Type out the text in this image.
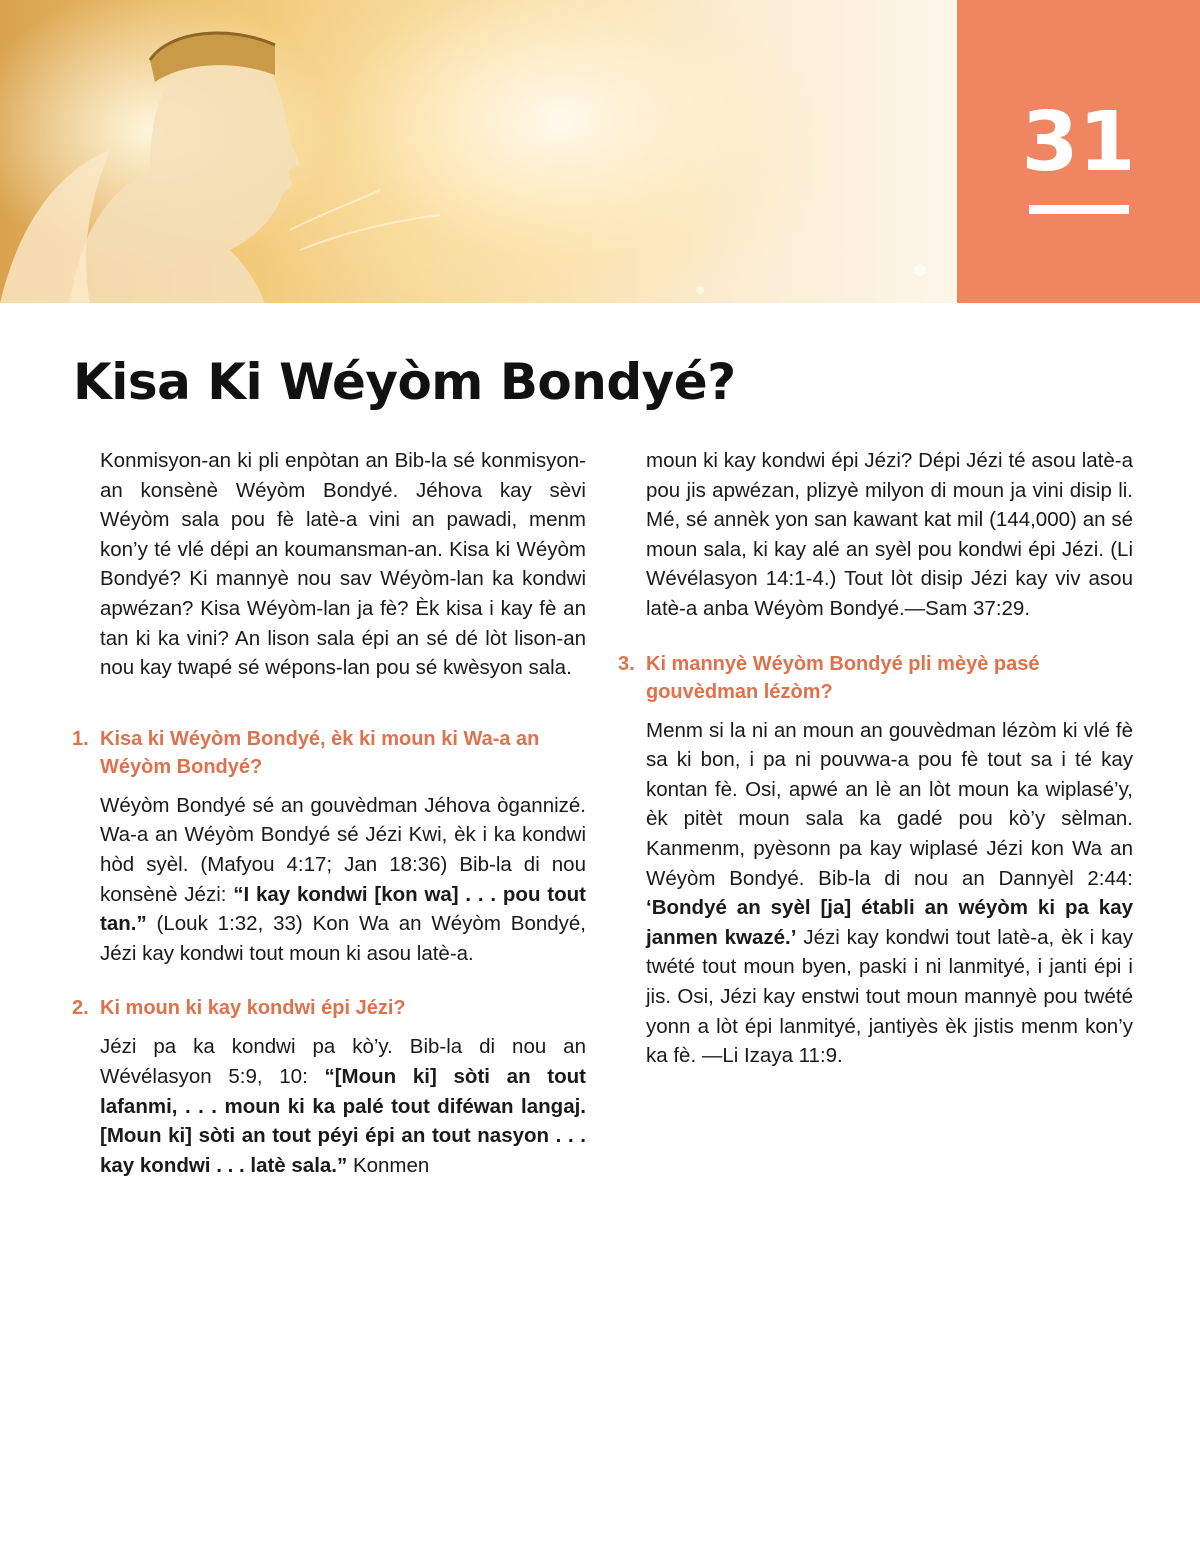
31
Kisa Ki Wéyòm Bondyé?

Konmisyon-an ki pli enpòtan an Bib-la sé konmisyon-an konsènè Wéyòm Bondyé. Jéhova kay sèvi Wéyòm sala pou fè latè-a vini an pawadi, menm kon’y té vlé dépi an koumansman-an. Kisa ki Wéyòm Bondyé? Ki mannyè nou sav Wéyòm-lan ka kondwi apwézan? Kisa Wéyòm-lan ja fè? Èk kisa i kay fè an tan ki ka vini? An lison sala épi an sé dé lòt lison-an nou kay twapé sé wépons-lan pou sé kwèsyon sala.

1. Kisa ki Wéyòm Bondyé, èk ki moun ki Wa-a an Wéyòm Bondyé?

Wéyòm Bondyé sé an gouvèdman Jéhova ògannizé. Wa-a an Wéyòm Bondyé sé Jézi Kwi, èk i ka kondwi hòd syèl. (Mafyou 4:17; Jan 18:36) Bib-la di nou konsènè Jézi: “I kay kondwi [kon wa] . . . pou tout tan.” (Louk 1:32, 33) Kon Wa an Wéyòm Bondyé, Jézi kay kondwi tout moun ki asou latè-a.

2. Ki moun ki kay kondwi épi Jézi?

Jézi pa ka kondwi pa kò’y. Bib-la di nou an Wévélasyon 5:9, 10: “[Moun ki] sòti an tout lafanmi, . . . moun ki ka palé tout diféwan langaj. [Moun ki] sòti an tout péyi épi an tout nasyon . . . kay kondwi . . . latè sala.” Konmen

moun ki kay kondwi épi Jézi? Dépi Jézi té asou latè-a pou jis apwézan, plizyè milyon di moun ja vini disip li. Mé, sé annèk yon san kawant kat mil (144,000) an sé moun sala, ki kay alé an syèl pou kondwi épi Jézi. (Li Wévélasyon 14:1-4.) Tout lòt disip Jézi kay viv asou latè-a anba Wéyòm Bondyé.—Sam 37:29.

3. Ki mannyè Wéyòm Bondyé pli mèyè pasé gouvèdman lézòm?

Menm si la ni an moun an gouvèdman lézòm ki vlé fè sa ki bon, i pa ni pouvwa-a pou fè tout sa i té kay kontan fè. Osi, apwé an lè an lòt moun ka wiplasé’y, èk pitèt moun sala ka gadé pou kò’y sèlman. Kanmenm, pyèsonn pa kay wiplasé Jézi kon Wa an Wéyòm Bondyé. Bib-la di nou an Dannyèl 2:44: ‘Bondyé an syèl [ja] établi an wéyòm ki pa kay janmen kwazé.’ Jézi kay kondwi tout latè-a, èk i kay twété tout moun byen, paski i ni lanmityé, i janti épi i jis. Osi, Jézi kay enstwi tout moun mannyè pou twété yonn a lòt épi lanmityé, jantiyès èk jistis menm kon’y ka fè. —Li Izaya 11:9.
